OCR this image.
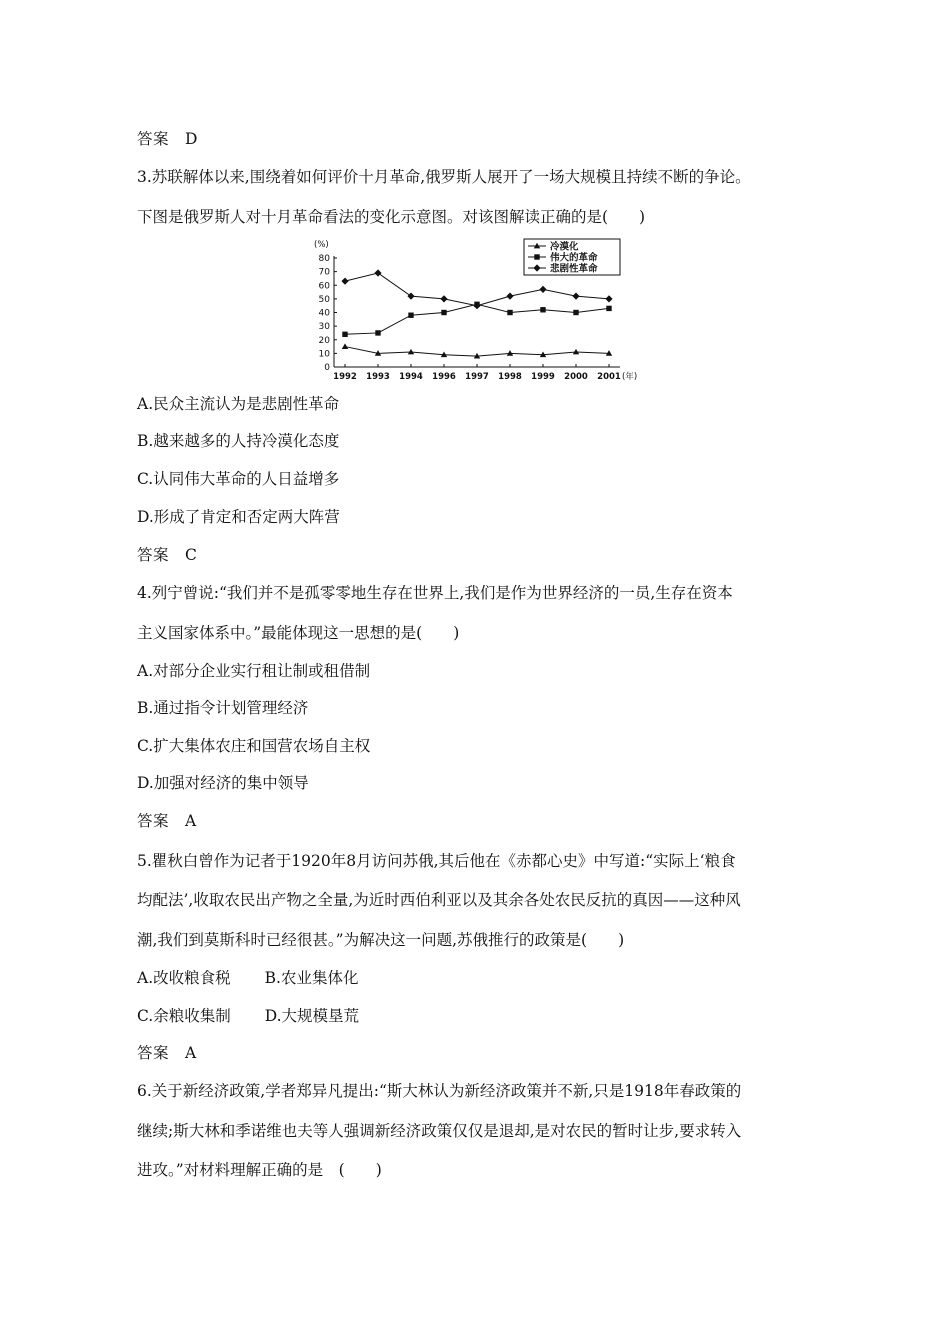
答案 D

3.苏联解体以来,围绕着如何评价十月革命,俄罗斯人展开了一场大规模且持续不断的争论。

下图是俄罗斯人对十月革命看法的变化示意图。对该图解读正确的是(　　)

(%)
0
10
20
30
40
50
60
70
80
1992 1993 1994 1996 1997 1998 1999 2000 2001 (年)
冷漠化
伟大的革命
悲剧性革命

A.民众主流认为是悲剧性革命

B.越来越多的人持冷漠化态度

C.认同伟大革命的人日益增多

D.形成了肯定和否定两大阵营

答案 C

4.列宁曾说:“我们并不是孤零零地生存在世界上,我们是作为世界经济的一员,生存在资本

主义国家体系中。”最能体现这一思想的是(　　)

A.对部分企业实行租让制或租借制

B.通过指令计划管理经济

C.扩大集体农庄和国营农场自主权

D.加强对经济的集中领导

答案 A

5.瞿秋白曾作为记者于1920年8月访问苏俄,其后他在《赤都心史》中写道:“实际上‘粮食

均配法’,收取农民出产物之全量,为近时西伯利亚以及其余各处农民反抗的真因——这种风

潮,我们到莫斯科时已经很甚。”为解决这一问题,苏俄推行的政策是(　　)

A.改收粮食税 B.农业集体化
C.余粮收集制 D.大规模垦荒
答案 A

6.关于新经济政策,学者郑异凡提出:“斯大林认为新经济政策并不新,只是1918年春政策的

继续;斯大林和季诺维也夫等人强调新经济政策仅仅是退却,是对农民的暂时让步,要求转入

进攻。”对材料理解正确的是　(　　)
